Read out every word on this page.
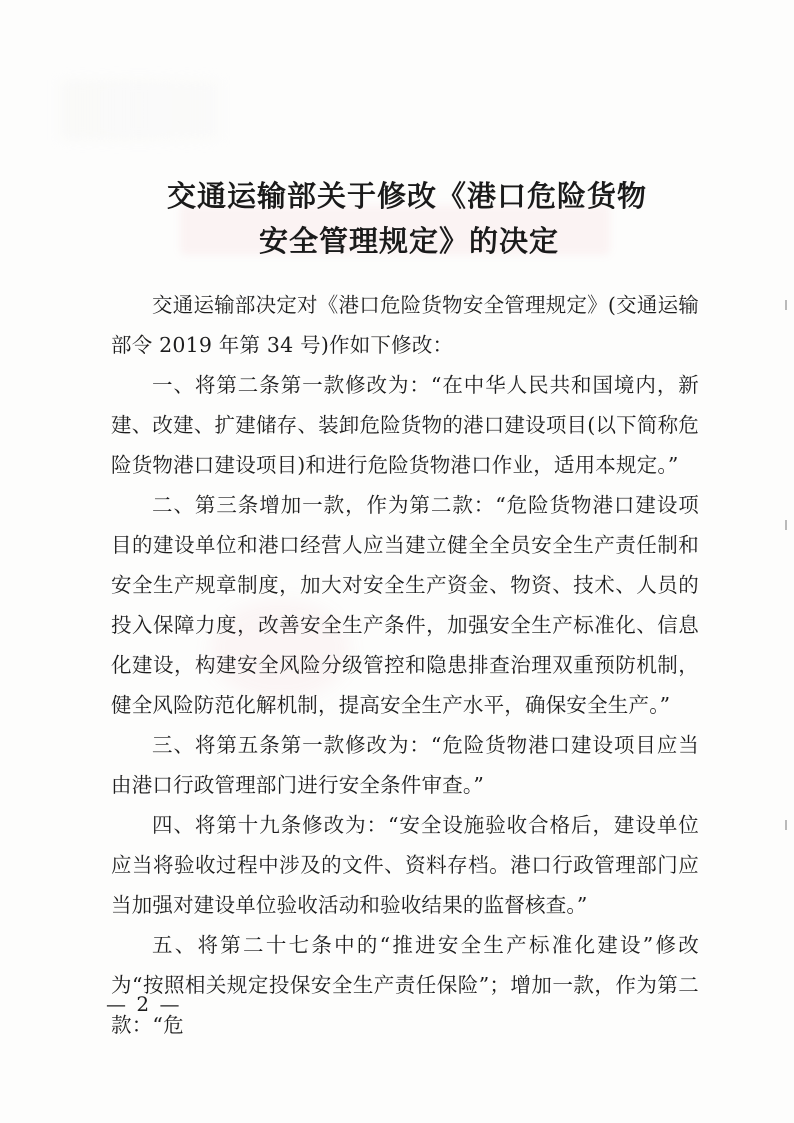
交通运输部关于修改《港口危险货物
安全管理规定》的决定

交通运输部决定对《港口危险货物安全管理规定》(交通运输部令 2019 年第 34 号)作如下修改：

一、将第二条第一款修改为：“在中华人民共和国境内，新建、改建、扩建储存、装卸危险货物的港口建设项目(以下简称危险货物港口建设项目)和进行危险货物港口作业，适用本规定。”

二、第三条增加一款，作为第二款：“危险货物港口建设项目的建设单位和港口经营人应当建立健全全员安全生产责任制和安全生产规章制度，加大对安全生产资金、物资、技术、人员的投入保障力度，改善安全生产条件，加强安全生产标准化、信息化建设，构建安全风险分级管控和隐患排查治理双重预防机制，健全风险防范化解机制，提高安全生产水平，确保安全生产。”

三、将第五条第一款修改为：“危险货物港口建设项目应当由港口行政管理部门进行安全条件审查。”

四、将第十九条修改为：“安全设施验收合格后，建设单位应当将验收过程中涉及的文件、资料存档。港口行政管理部门应当加强对建设单位验收活动和验收结果的监督核查。”

五、将第二十七条中的“推进安全生产标准化建设”修改为“按照相关规定投保安全生产责任保险”；增加一款，作为第二款：“危

— 2 —
